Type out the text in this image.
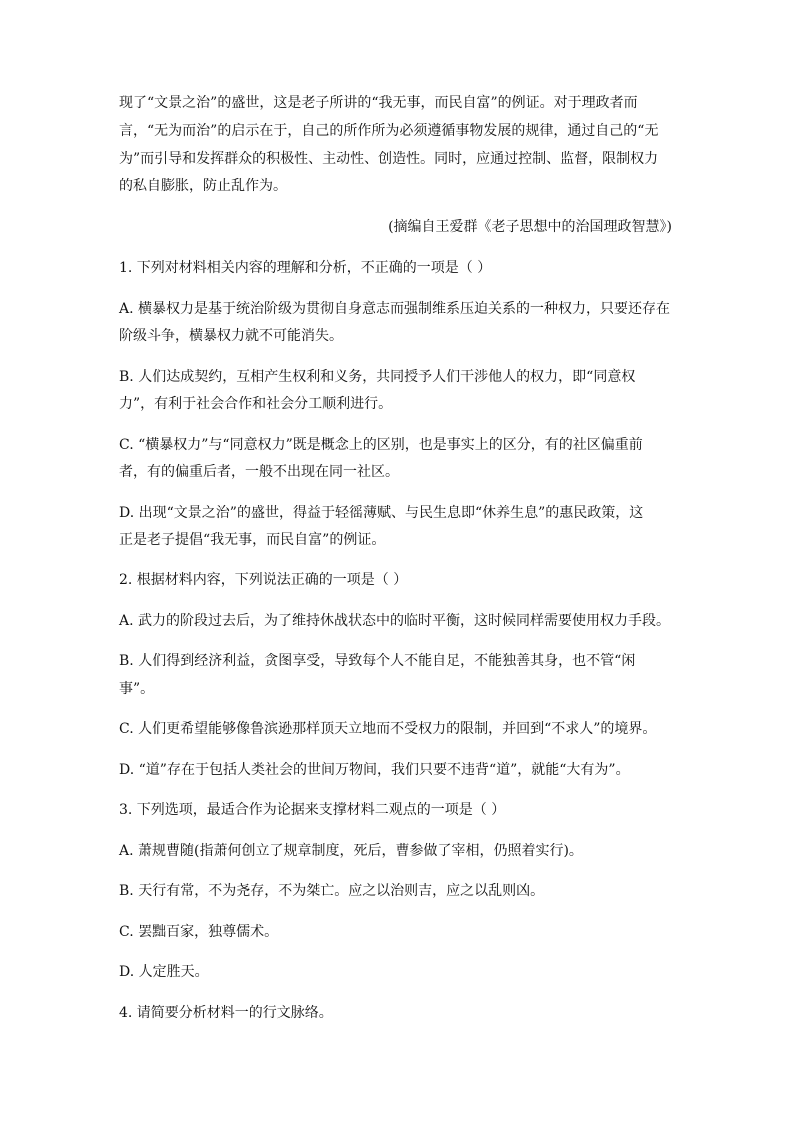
现了“文景之治”的盛世，这是老子所讲的“我无事，而民自富”的例证。对于理政者而
言，“无为而治”的启示在于，自己的所作所为必须遵循事物发展的规律，通过自己的“无
为”而引导和发挥群众的积极性、主动性、创造性。同时，应通过控制、监督，限制权力
的私自膨胀，防止乱作为。
(摘编自王爱群《老子思想中的治国理政智慧》)
1. 下列对材料相关内容的理解和分析，不正确的一项是（ ）
A. 横暴权力是基于统治阶级为贯彻自身意志而强制维系压迫关系的一种权力，只要还存在
阶级斗争，横暴权力就不可能消失。
B. 人们达成契约，互相产生权利和义务，共同授予人们干涉他人的权力，即“同意权
力”，有利于社会合作和社会分工顺利进行。
C. “横暴权力”与“同意权力”既是概念上的区别，也是事实上的区分，有的社区偏重前
者，有的偏重后者，一般不出现在同一社区。
D. 出现“文景之治”的盛世，得益于轻徭薄赋、与民生息即“休养生息”的惠民政策，这
正是老子提倡“我无事，而民自富”的例证。
2. 根据材料内容，下列说法正确的一项是（ ）
A. 武力的阶段过去后，为了维持休战状态中的临时平衡，这时候同样需要使用权力手段。
B. 人们得到经济利益，贪图享受，导致每个人不能自足，不能独善其身，也不管“闲
事”。
C. 人们更希望能够像鲁滨逊那样顶天立地而不受权力的限制，并回到“不求人”的境界。
D. “道”存在于包括人类社会的世间万物间，我们只要不违背“道”，就能“大有为”。
3. 下列选项，最适合作为论据来支撑材料二观点的一项是（ ）
A. 萧规曹随(指萧何创立了规章制度，死后，曹参做了宰相，仍照着实行)。
B. 天行有常，不为尧存，不为桀亡。应之以治则吉，应之以乱则凶。
C. 罢黜百家，独尊儒术。
D. 人定胜天。
4. 请简要分析材料一的行文脉络。
